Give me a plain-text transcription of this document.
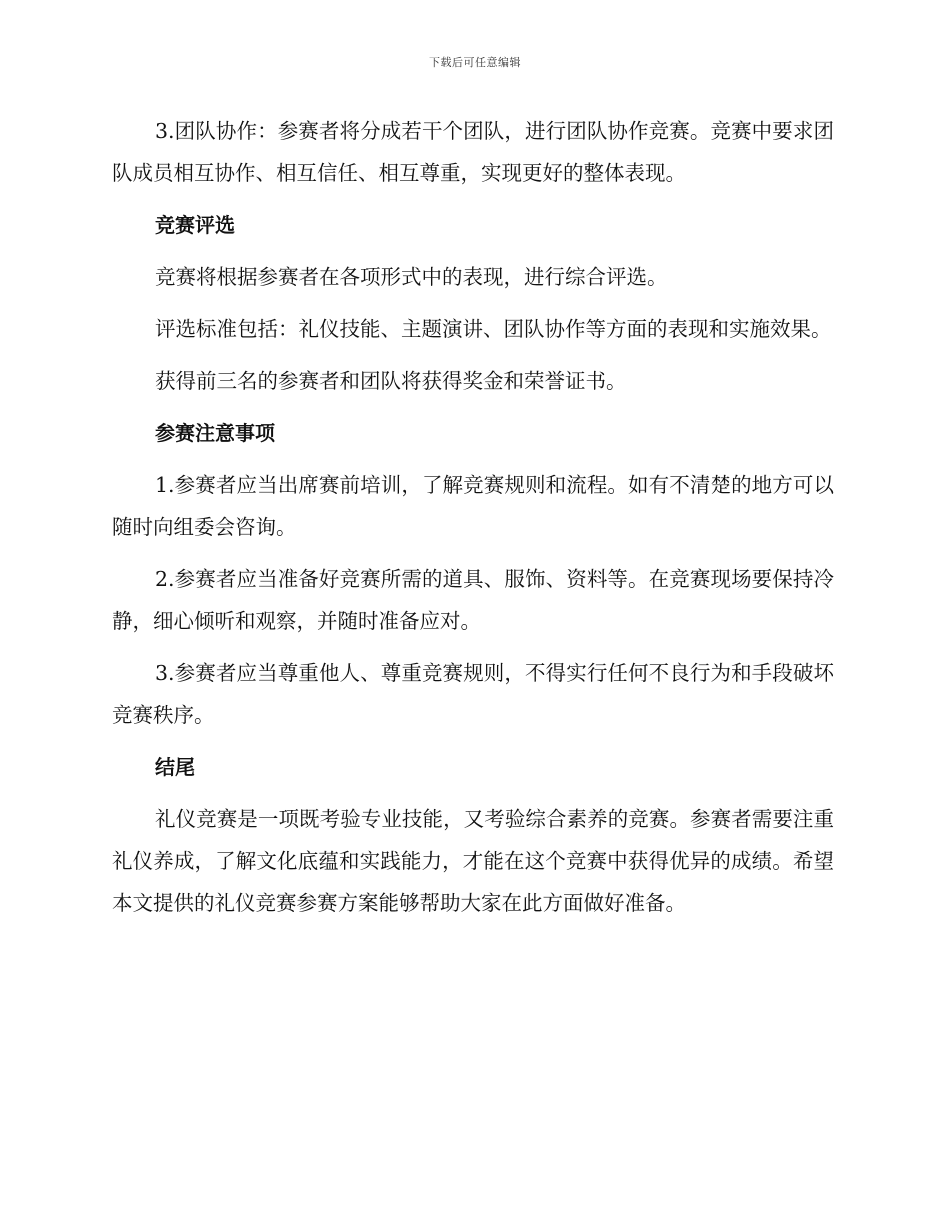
下载后可任意编辑

3.团队协作：参赛者将分成若干个团队，进行团队协作竞赛。竞赛中要求团队成员相互协作、相互信任、相互尊重，实现更好的整体表现。

竞赛评选

竞赛将根据参赛者在各项形式中的表现，进行综合评选。

评选标准包括：礼仪技能、主题演讲、团队协作等方面的表现和实施效果。

获得前三名的参赛者和团队将获得奖金和荣誉证书。

参赛注意事项

1.参赛者应当出席赛前培训，了解竞赛规则和流程。如有不清楚的地方可以随时向组委会咨询。

2.参赛者应当准备好竞赛所需的道具、服饰、资料等。在竞赛现场要保持冷静，细心倾听和观察，并随时准备应对。

3.参赛者应当尊重他人、尊重竞赛规则，不得实行任何不良行为和手段破坏竞赛秩序。

结尾

礼仪竞赛是一项既考验专业技能，又考验综合素养的竞赛。参赛者需要注重礼仪养成，了解文化底蕴和实践能力，才能在这个竞赛中获得优异的成绩。希望本文提供的礼仪竞赛参赛方案能够帮助大家在此方面做好准备。
